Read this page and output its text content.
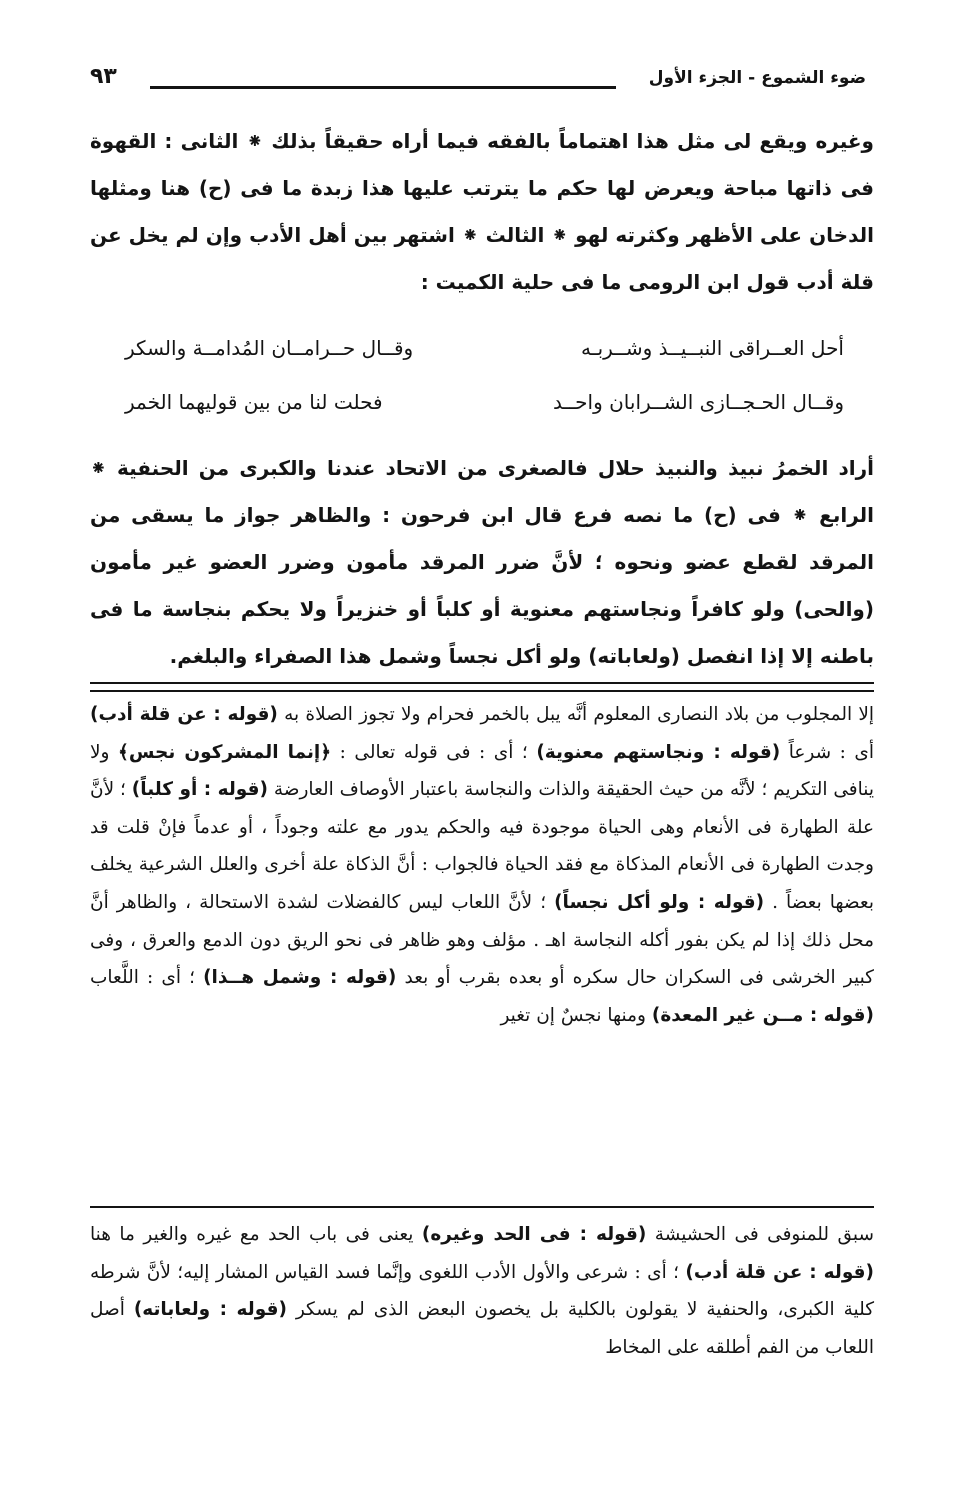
ضوء الشموع - الجزء الأول
٩٣

وغيره ويقع لى مثل هذا اهتماماً بالفقه فيما أراه حقيقاً بذلك ⁕ الثانى : القهوة فى ذاتها مباحة ويعرض لها حكم ما يترتب عليها هذا زبدة ما فى (ح) هنا ومثلها الدخان على الأظهر وكثرته لهو ⁕ الثالث ⁕ اشتهر بين أهل الأدب وإن لم يخل عن قلة أدب قول ابن الرومى ما فى حلية الكميت :

أحل العــراقى النبــيــذ وشــربـه
وقــال حــرامــان المُدامــة والسكر
وقــال الحـجــازى الشــرابان واحــد
فحلت لنا من بين قوليهما الخمر

أراد الخمرُ نبيذ والنبيذ حلال فالصغرى من الاتحاد عندنا والكبرى من الحنفية ⁕ الرابع ⁕ فى (ح) ما نصه فرع قال ابن فرحون : والظاهر جواز ما يسقى من المرقد لقطع عضو ونحوه ؛ لأنَّ ضرر المرقد مأمون وضرر العضو غير مأمون (والحى) ولو كافراً ونجاستهم معنوية أو كلباً أو خنزيراً ولا يحكم بنجاسة ما فى باطنه إلا إذا انفصل (ولعاباته) ولو أكل نجساً وشمل هذا الصفراء والبلغم.

إلا المجلوب من بلاد النصارى المعلوم أنَّه يبل بالخمر فحرام ولا تجوز الصلاة به (قوله : عن قلة أدب) أى : شرعاً (قوله : ونجاستهم معنوية) ؛ أى : فى قوله تعالى : ﴿إنما المشركون نجس﴾ ولا ينافى التكريم ؛ لأنَّه من حيث الحقيقة والذات والنجاسة باعتبار الأوصاف العارضة (قوله : أو كلباً) ؛ لأنَّ علة الطهارة فى الأنعام وهى الحياة موجودة فيه والحكم يدور مع علته وجوداً ، أو عدماً فإنْ قلت قد وجدت الطهارة فى الأنعام المذكاة مع فقد الحياة فالجواب : أنَّ الذكاة علة أخرى والعلل الشرعية يخلف بعضها بعضاً . (قوله : ولو أكل نجساً) ؛ لأنَّ اللعاب ليس كالفضلات لشدة الاستحالة ، والظاهر أنَّ محل ذلك إذا لم يكن بفور أكله النجاسة اهـ . مؤلف وهو ظاهر فى نحو الريق دون الدمع والعرق ، وفى كبير الخرشى فى السكران حال سكره أو بعده بقرب أو بعد (قوله : وشمل هــذا) ؛ أى : اللَّعاب (قوله : مــن غير المعدة) ومنها نجسٌ إن تغير

سبق للمنوفى فى الحشيشة (قوله : فى الحد وغيره) يعنى فى باب الحد مع غيره والغير ما هنا (قوله : عن قلة أدب) ؛ أى : شرعى والأول الأدب اللغوى وإنَّما فسد القياس المشار إليه؛ لأنَّ شرطه كلية الكبرى، والحنفية لا يقولون بالكلية بل يخصون البعض الذى لم يسكر (قوله : ولعاباته) أصل اللعاب من الفم أطلقه على المخاط
